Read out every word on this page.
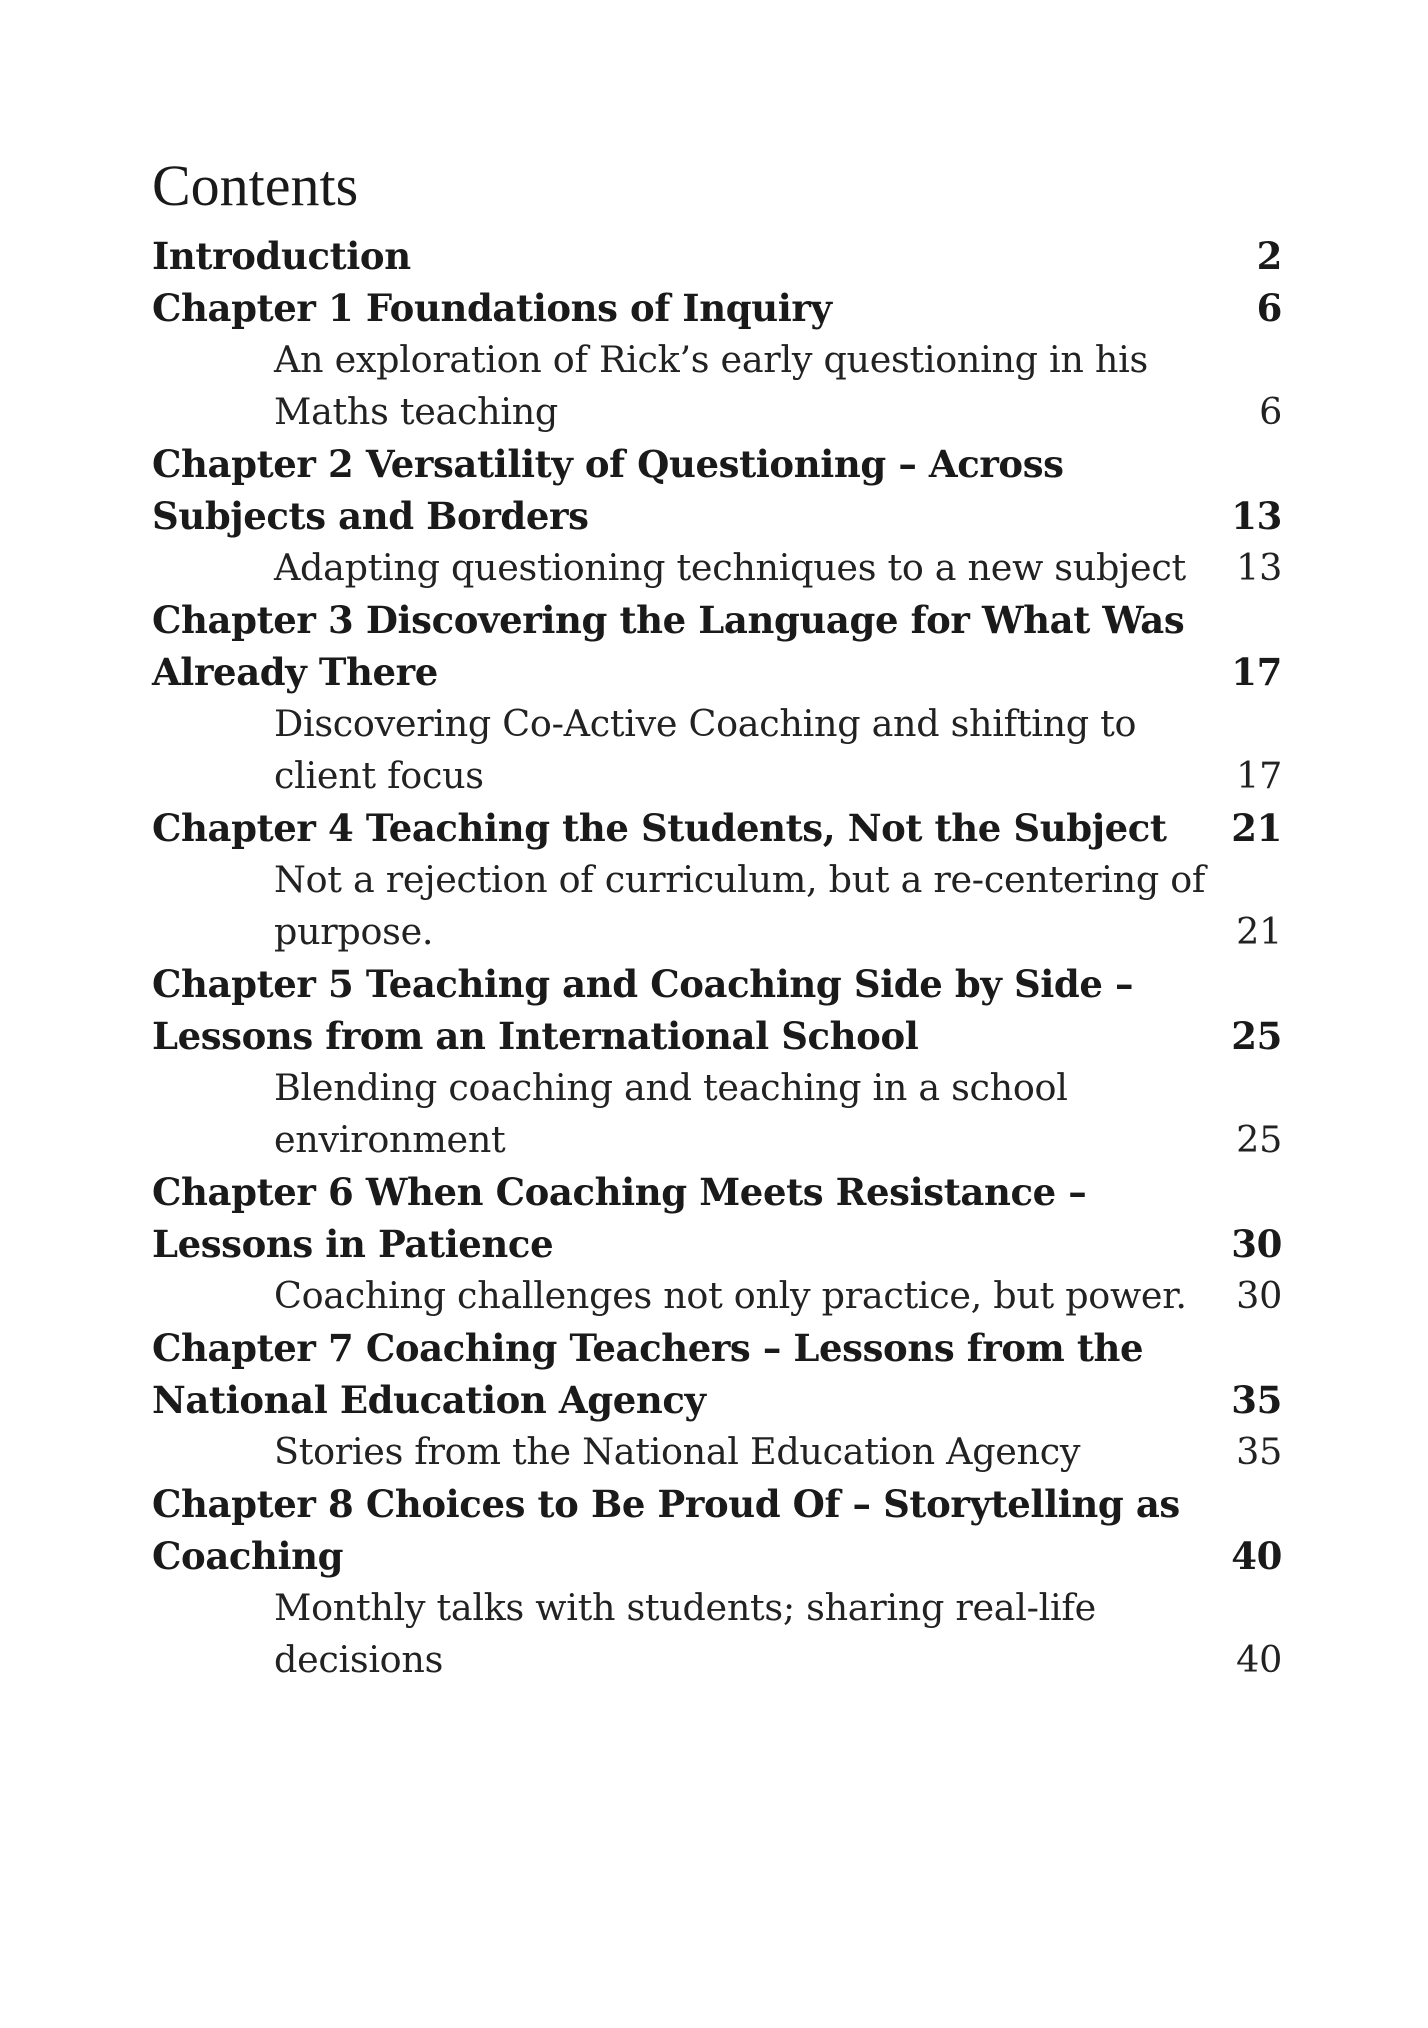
Contents
Introduction	2
Chapter 1 Foundations of Inquiry	6
An exploration of Rick’s early questioning in his Maths teaching	6
Chapter 2 Versatility of Questioning – Across Subjects and Borders	13
Adapting questioning techniques to a new subject	13
Chapter 3 Discovering the Language for What Was Already There	17
Discovering Co-Active Coaching and shifting to client focus	17
Chapter 4 Teaching the Students, Not the Subject	21
Not a rejection of curriculum, but a re-centering of purpose.	21
Chapter 5 Teaching and Coaching Side by Side – Lessons from an International School	25
Blending coaching and teaching in a school environment	25
Chapter 6 When Coaching Meets Resistance – Lessons in Patience	30
Coaching challenges not only practice, but power.	30
Chapter 7 Coaching Teachers – Lessons from the National Education Agency	35
Stories from the National Education Agency	35
Chapter 8 Choices to Be Proud Of – Storytelling as Coaching	40
Monthly talks with students; sharing real-life decisions	40
